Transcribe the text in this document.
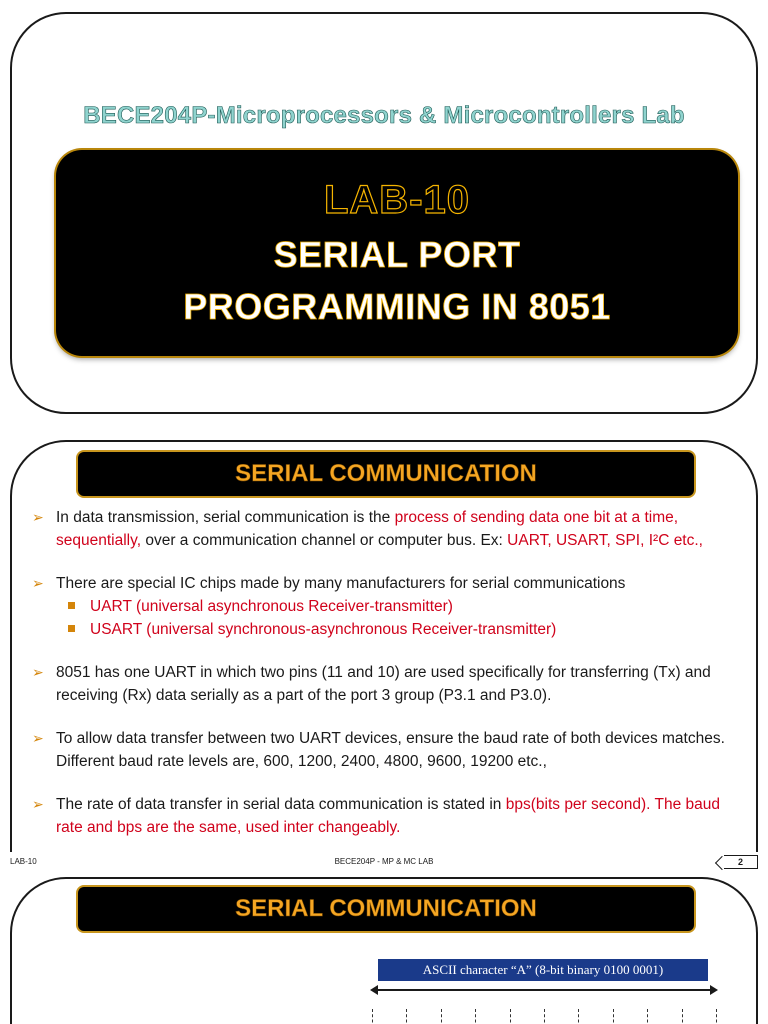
BECE204P-Microprocessors & Microcontrollers Lab
LAB-10
SERIAL PORT
PROGRAMMING IN 8051
SERIAL COMMUNICATION
➢ In data transmission, serial communication is the process of sending data one bit at a time, sequentially, over a communication channel or computer bus. Ex: UART, USART, SPI, I²C etc.,
➢ There are special IC chips made by many manufacturers for serial communications
UART (universal asynchronous Receiver-transmitter)
USART (universal synchronous-asynchronous Receiver-transmitter)
➢ 8051 has one UART in which two pins (11 and 10) are used specifically for transferring (Tx) and receiving (Rx) data serially as a part of the port 3 group (P3.1 and P3.0).
➢ To allow data transfer between two UART devices, ensure the baud rate of both devices matches. Different baud rate levels are, 600, 1200, 2400, 4800, 9600, 19200 etc.,
➢ The rate of data transfer in serial data communication is stated in bps(bits per second). The baud rate and bps are the same, used inter changeably.
LAB-10	BECE204P - MP & MC LAB	2
SERIAL COMMUNICATION
ASCII character “A” (8-bit binary 0100 0001)
